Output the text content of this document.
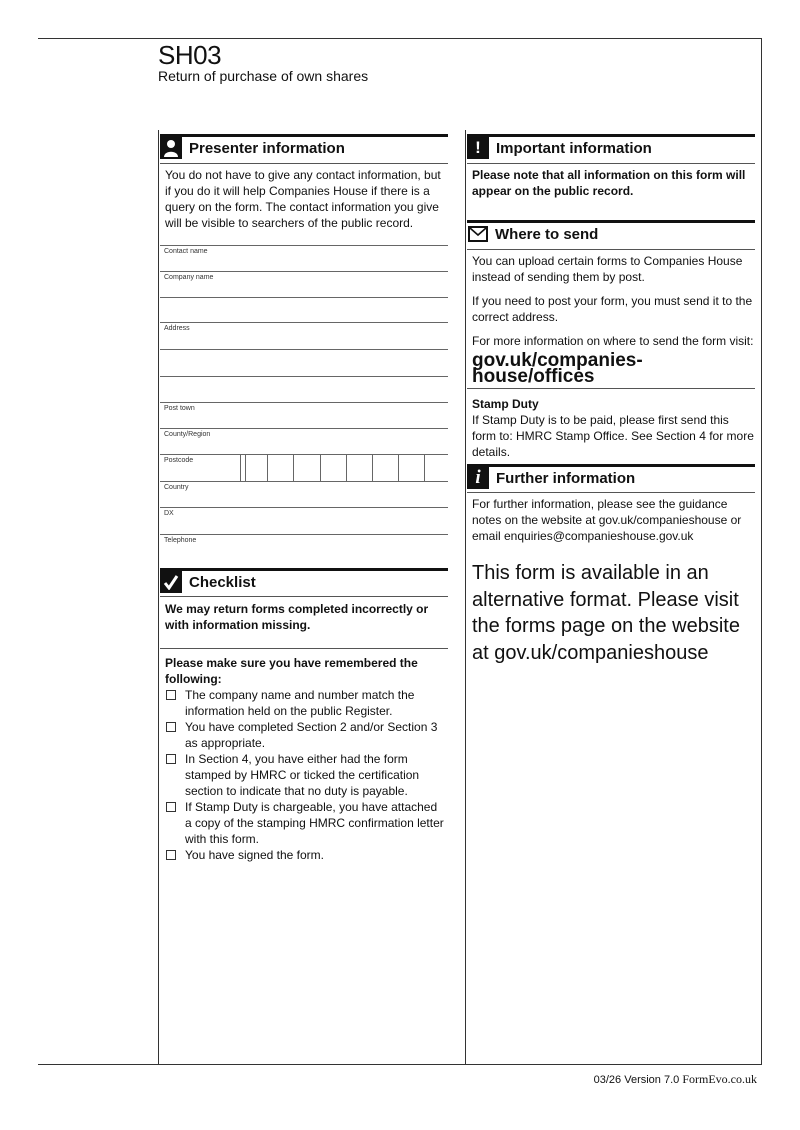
SH03
Return of purchase of own shares
Presenter information
You do not have to give any contact information, but if you do it will help Companies House if there is a query on the form. The contact information you give will be visible to searchers of the public record.
Contact name
Company name
Address
Post town
County/Region
Postcode
Country
DX
Telephone
Checklist
We may return forms completed incorrectly or with information missing.
Please make sure you have remembered the following:
The company name and number match the information held on the public Register.
You have completed Section 2 and/or Section 3 as appropriate.
In Section 4, you have either had the form stamped by HMRC or ticked the certification section to indicate that no duty is payable.
If Stamp Duty is chargeable, you have attached a copy of the stamping HMRC confirmation letter with this form.
You have signed the form.
!	Important information
Please note that all information on this form will appear on the public record.
Where to send

You can upload certain forms to Companies House instead of sending them by post.

If you need to post your form, you must send it to the correct address.

For more information on where to send the form visit:

gov.uk/companies-house/offices
Stamp Duty
If Stamp Duty is to be paid, please first send this form to: HMRC Stamp Office. See Section 4 for more details.
i	Further information
For further information, please see the guidance notes on the website at gov.uk/companieshouse or email enquiries@companieshouse.gov.uk
This form is available in an alternative format. Please visit the forms page on the website at gov.uk/companieshouse
03/26 Version 7.0 FormEvo.co.uk
